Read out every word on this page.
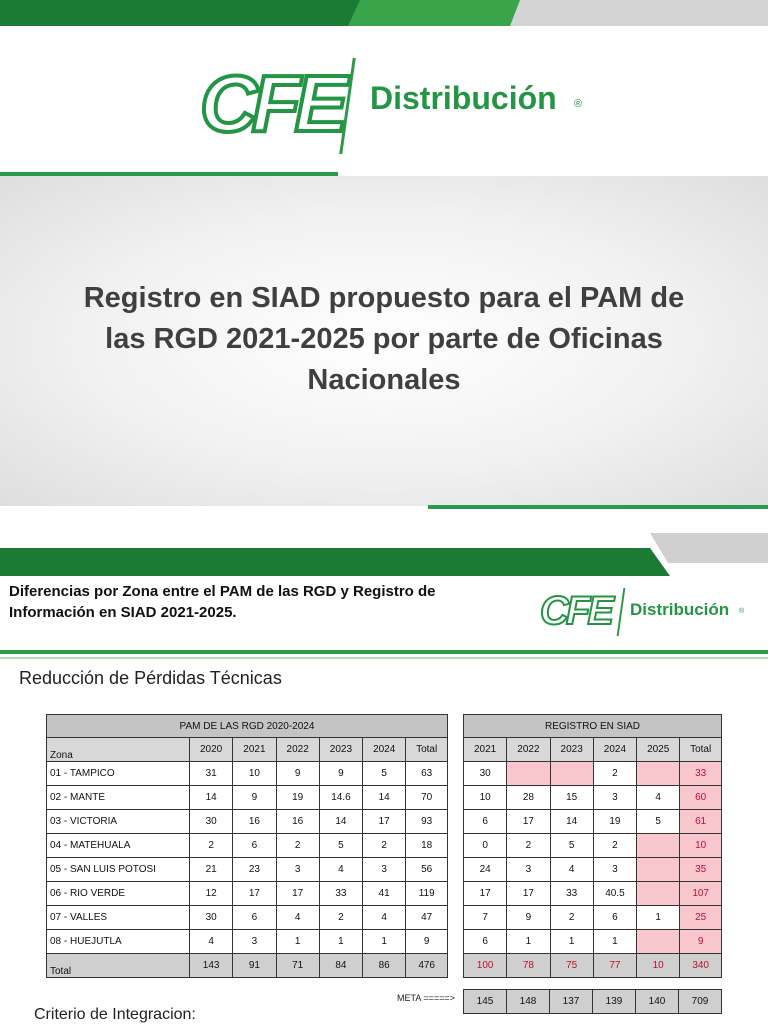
CFE Distribución ®
Registro en SIAD propuesto para el PAM de
las RGD 2021-2025 por parte de Oficinas
Nacionales
Diferencias por Zona entre el PAM de las RGD y Registro de
Información en SIAD 2021-2025.	CFE Distribución ®
Reducción de Pérdidas Técnicas
PAM DE LAS RGD 2020-2024						
Zona	2020	2021	2022	2023	2024	Total
01 - TAMPICO	31	10	9	9	5	63
02 - MANTE	14	9	19	14.6	14	70
03 - VICTORIA	30	16	16	14	17	93
04 - MATEHUALA	2	6	2	5	2	18
05 - SAN LUIS POTOSI	21	23	3	4	3	56
06 - RIO VERDE	12	17	17	33	41	119
07 - VALLES	30	6	4	2	4	47
08 - HUEJUTLA	4	3	1	1	1	9
Total	143	91	71	84	86	476
REGISTRO EN SIAD					
2021	2022	2023	2024	2025	Total
30			2		33
10	28	15	3	4	60
6	17	14	19	5	61
0	2	5	2		10
24	3	4	3		35
17	17	33	40.5		107
7	9	2	6	1	25
6	1	1	1		9
100	78	75	77	10	340
META =====> 145	148	137	139	140	709
Criterio de Integracion:
